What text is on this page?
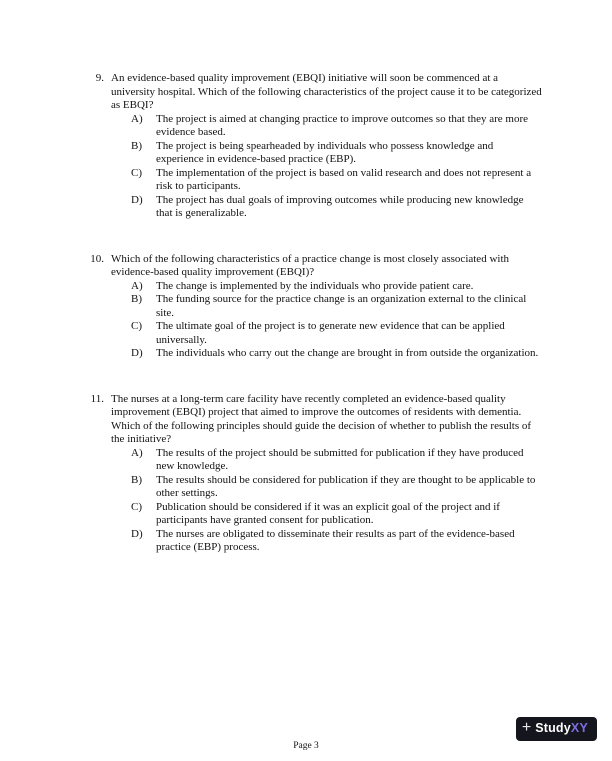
9. An evidence-based quality improvement (EBQI) initiative will soon be commenced at a university hospital. Which of the following characteristics of the project cause it to be categorized as EBQI?

A)	The project is aimed at changing practice to improve outcomes so that they are more evidence based.
B)	The project is being spearheaded by individuals who possess knowledge and experience in evidence-based practice (EBP).
C)	The implementation of the project is based on valid research and does not represent a risk to participants.
D)	The project has dual goals of improving outcomes while producing new knowledge that is generalizable.
10. Which of the following characteristics of a practice change is most closely associated with evidence-based quality improvement (EBQI)?

A)	The change is implemented by the individuals who provide patient care.
B)	The funding source for the practice change is an organization external to the clinical site.
C)	The ultimate goal of the project is to generate new evidence that can be applied universally.
D)	The individuals who carry out the change are brought in from outside the organization.
11. The nurses at a long-term care facility have recently completed an evidence-based quality improvement (EBQI) project that aimed to improve the outcomes of residents with dementia. Which of the following principles should guide the decision of whether to publish the results of the initiative?

A)	The results of the project should be submitted for publication if they have produced new knowledge.
B)	The results should be considered for publication if they are thought to be applicable to other settings.
C)	Publication should be considered if it was an explicit goal of the project and if participants have granted consent for publication.
D)	The nurses are obligated to disseminate their results as part of the evidence-based practice (EBP) process.
+ StudyXY
Page 3
